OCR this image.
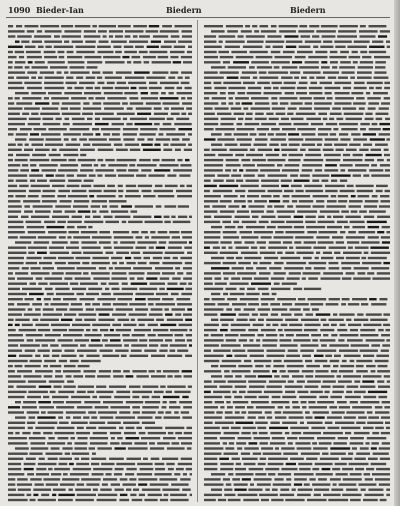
1090 Bieder-Ian	Biedern	Biedern
